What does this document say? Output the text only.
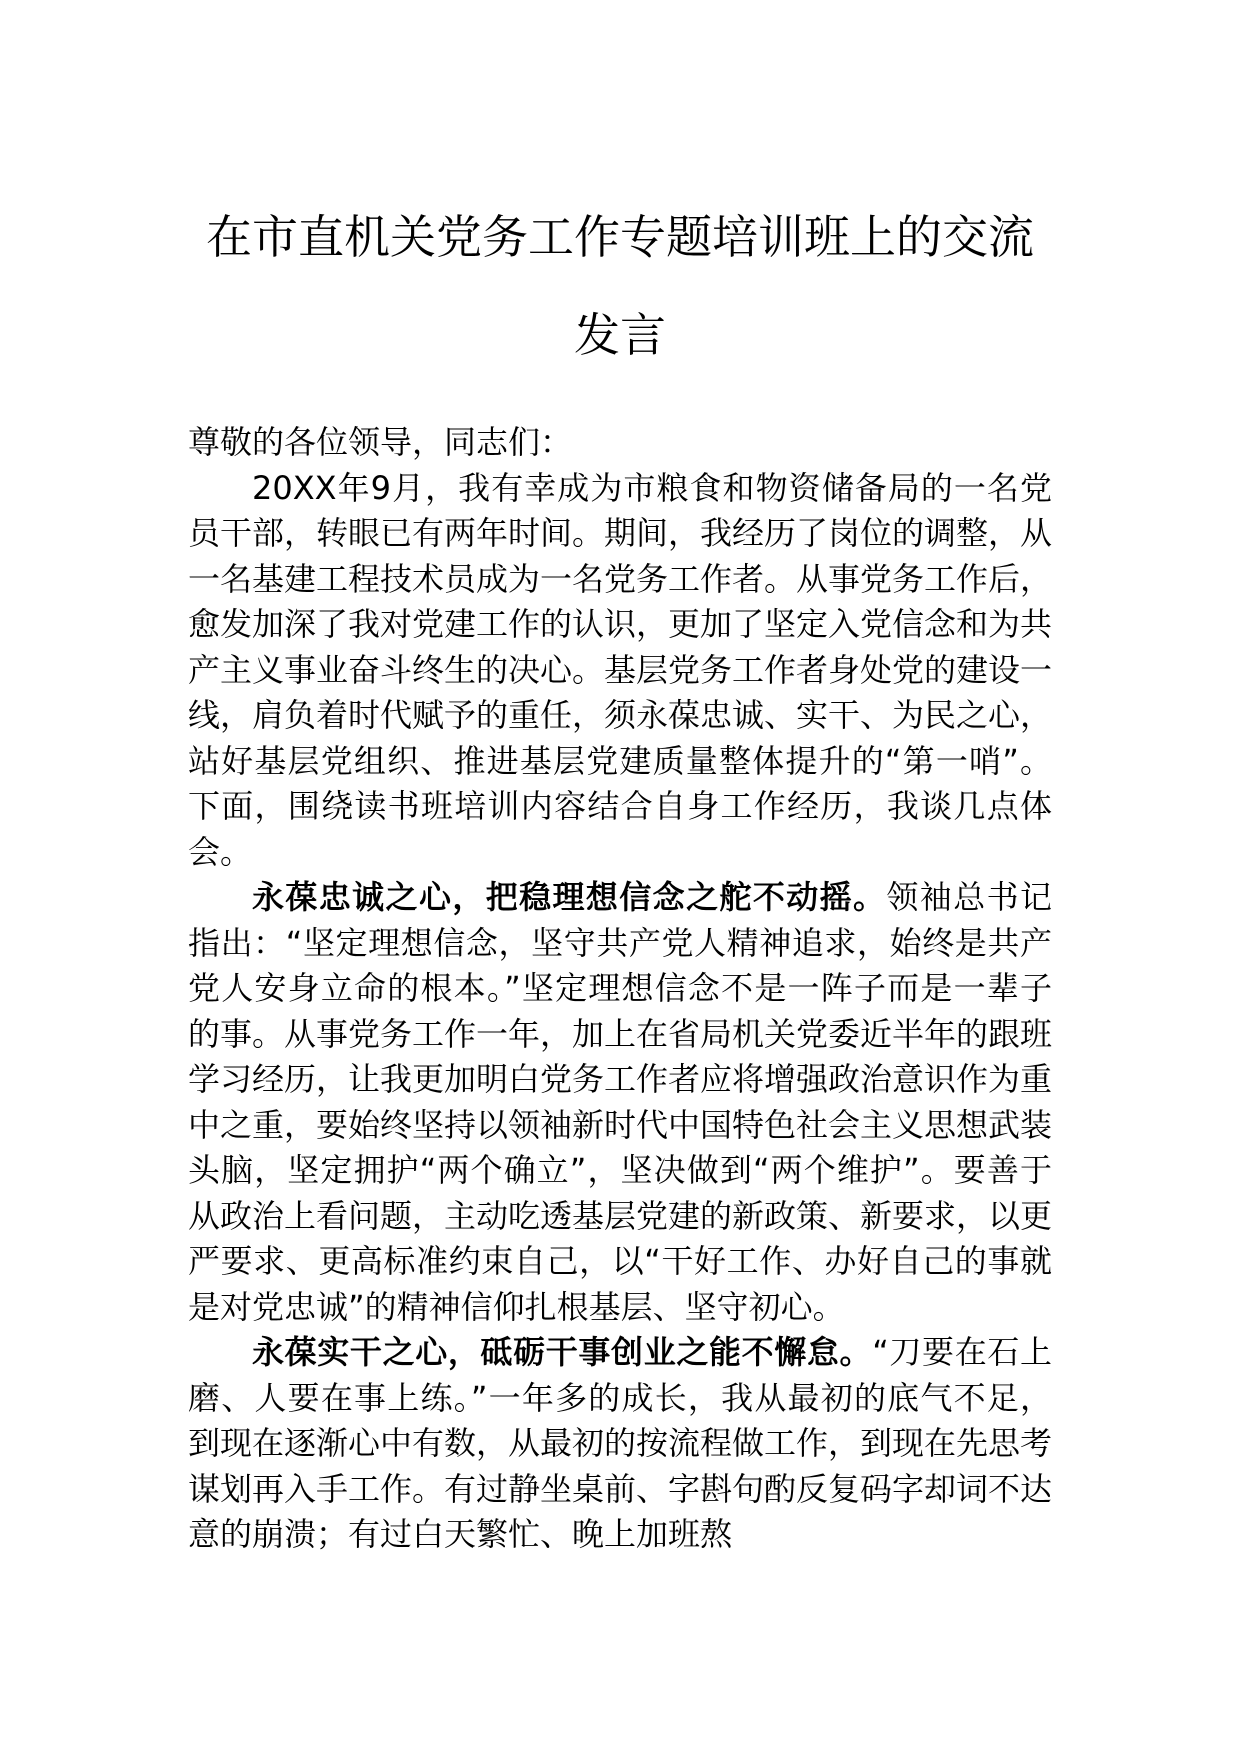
在市直机关党务工作专题培训班上的交流
发言

尊敬的各位领导，同志们：

20XX年9月，我有幸成为市粮食和物资储备局的一名党员干部，转眼已有两年时间。期间，我经历了岗位的调整，从一名基建工程技术员成为一名党务工作者。从事党务工作后，愈发加深了我对党建工作的认识，更加了坚定入党信念和为共产主义事业奋斗终生的决心。基层党务工作者身处党的建设一线，肩负着时代赋予的重任，须永葆忠诚、实干、为民之心，站好基层党组织、推进基层党建质量整体提升的“第一哨”。下面，围绕读书班培训内容结合自身工作经历，我谈几点体会。

永葆忠诚之心，把稳理想信念之舵不动摇。领袖总书记指出：“坚定理想信念，坚守共产党人精神追求，始终是共产党人安身立命的根本。”坚定理想信念不是一阵子而是一辈子的事。从事党务工作一年，加上在省局机关党委近半年的跟班学习经历，让我更加明白党务工作者应将增强政治意识作为重中之重，要始终坚持以领袖新时代中国特色社会主义思想武装头脑，坚定拥护“两个确立”，坚决做到“两个维护”。要善于从政治上看问题，主动吃透基层党建的新政策、新要求，以更严要求、更高标准约束自己，以“干好工作、办好自己的事就是对党忠诚”的精神信仰扎根基层、坚守初心。

永葆实干之心，砥砺干事创业之能不懈怠。“刀要在石上磨、人要在事上练。”一年多的成长，我从最初的底气不足，到现在逐渐心中有数，从最初的按流程做工作，到现在先思考谋划再入手工作。有过静坐桌前、字斟句酌反复码字却词不达意的崩溃；有过白天繁忙、晚上加班熬
